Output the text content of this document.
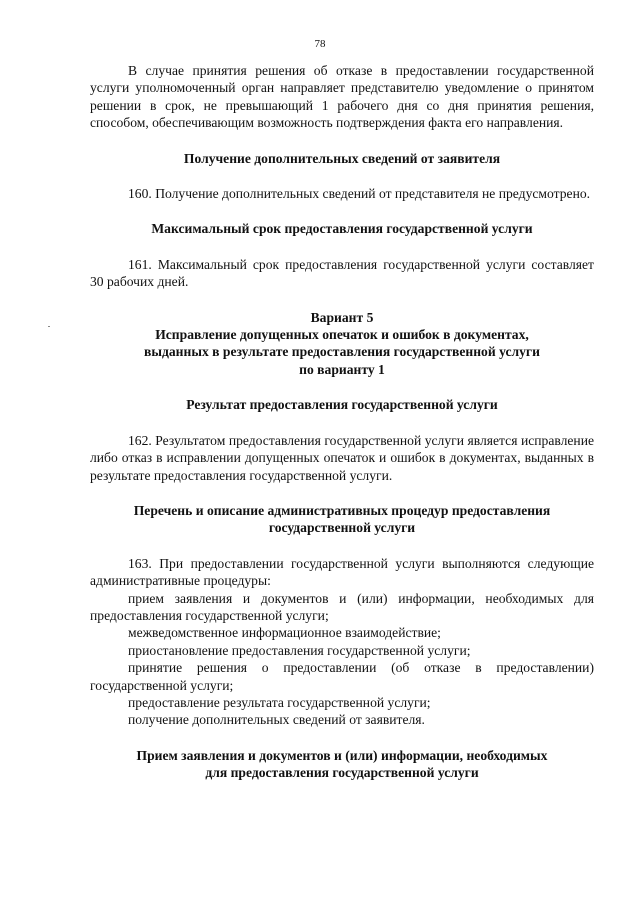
78

В случае принятия решения об отказе в предоставлении государственной услуги уполномоченный орган направляет представителю уведомление о принятом решении в срок, не превышающий 1 рабочего дня со дня принятия решения, способом, обеспечивающим возможность подтверждения факта его направления.

Получение дополнительных сведений от заявителя

160. Получение дополнительных сведений от представителя не предусмотрено.

Максимальный срок предоставления государственной услуги

161. Максимальный срок предоставления государственной услуги составляет 30 рабочих дней.

Вариант 5
Исправление допущенных опечаток и ошибок в документах,
выданных в результате предоставления государственной услуги
по варианту 1
Результат предоставления государственной услуги

162. Результатом предоставления государственной услуги является исправление либо отказ в исправлении допущенных опечаток и ошибок в документах, выданных в результате предоставления государственной услуги.

Перечень и описание административных процедур предоставления
государственной услуги

163. При предоставлении государственной услуги выполняются следующие административные процедуры:

прием заявления и документов и (или) информации, необходимых для предоставления государственной услуги;

межведомственное информационное взаимодействие;

приостановление предоставления государственной услуги;

принятие решения о предоставлении (об отказе в предоставлении) государственной услуги;

предоставление результата государственной услуги;

получение дополнительных сведений от заявителя.

Прием заявления и документов и (или) информации, необходимых
для предоставления государственной услуги
